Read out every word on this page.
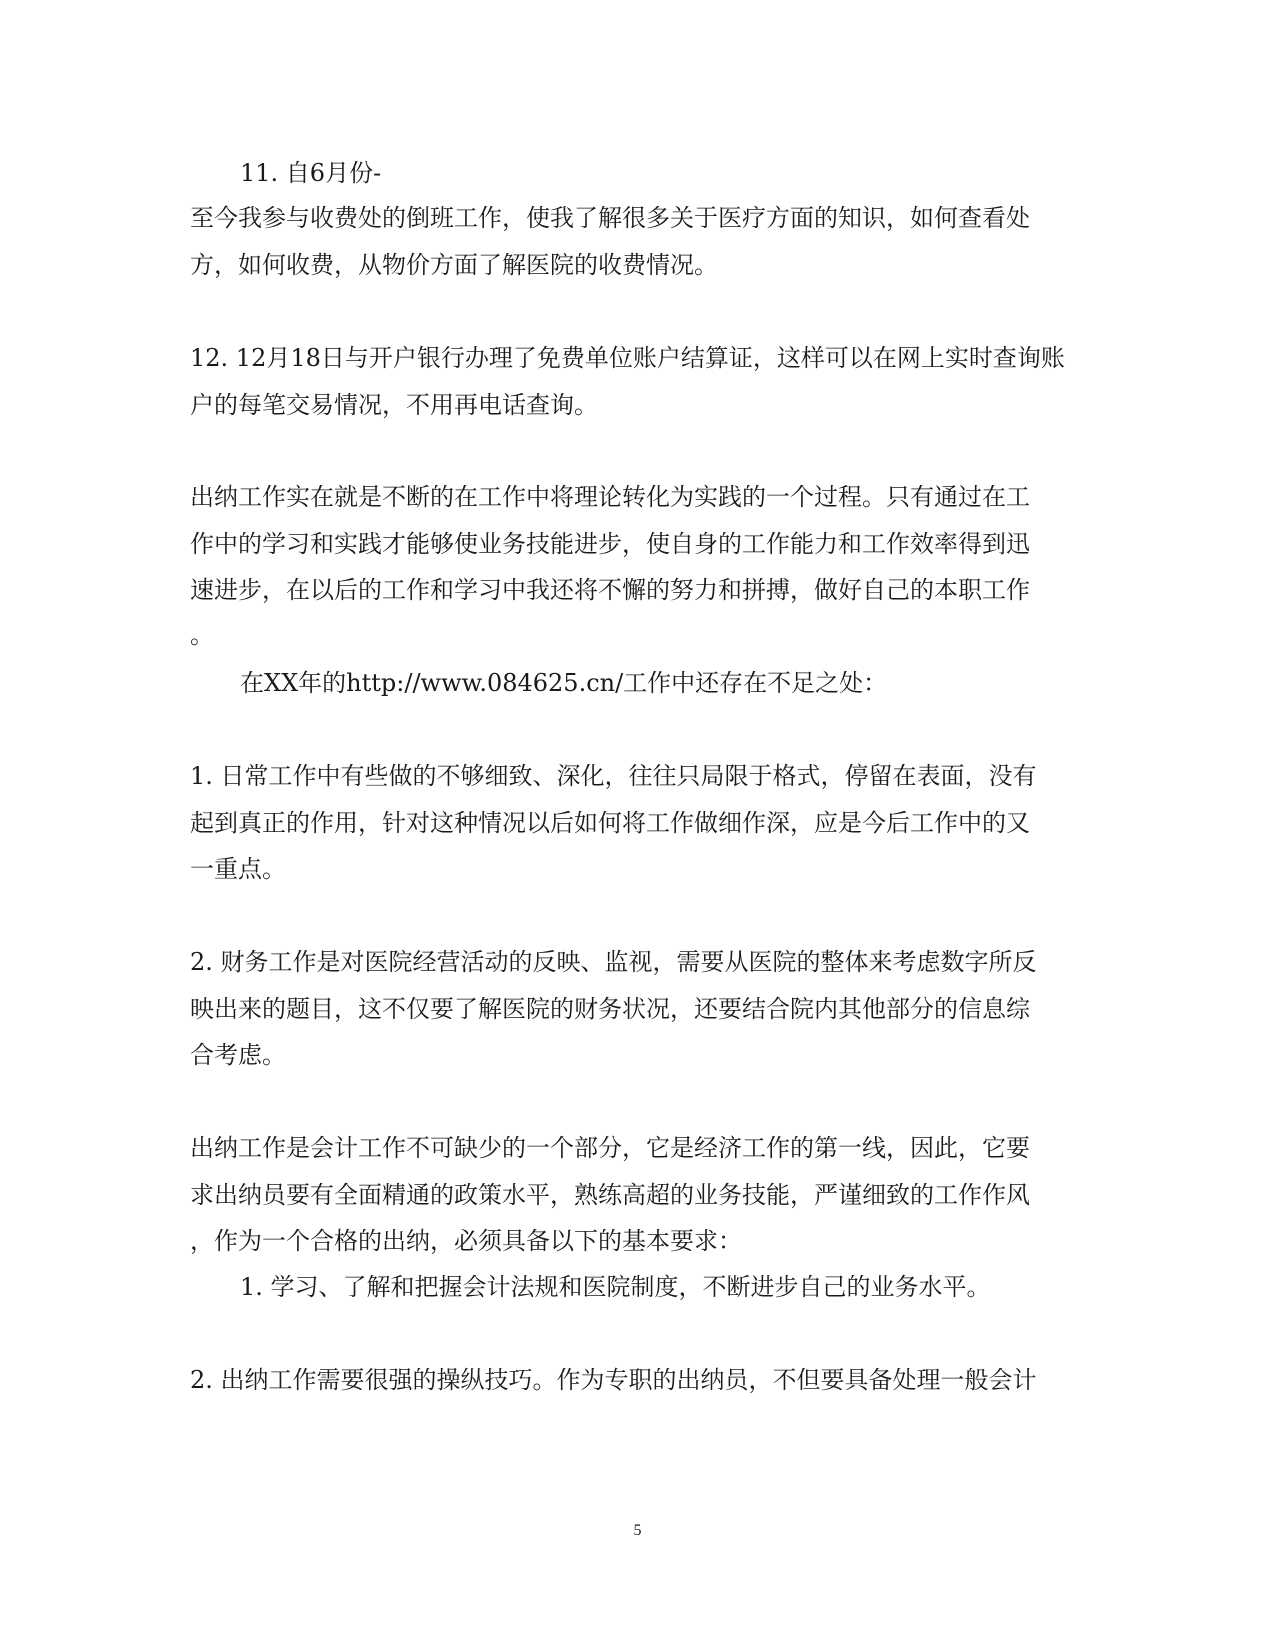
11. 自6月份-
至今我参与收费处的倒班工作，使我了解很多关于医疗方面的知识，如何查看处
方，如何收费，从物价方面了解医院的收费情况。
12. 12月18日与开户银行办理了免费单位账户结算证，这样可以在网上实时查询账
户的每笔交易情况，不用再电话查询。
出纳工作实在就是不断的在工作中将理论转化为实践的一个过程。只有通过在工
作中的学习和实践才能够使业务技能进步，使自身的工作能力和工作效率得到迅
速进步，在以后的工作和学习中我还将不懈的努力和拼搏，做好自己的本职工作
。
在XX年的http://www.084625.cn/工作中还存在不足之处：
1. 日常工作中有些做的不够细致、深化，往往只局限于格式，停留在表面，没有
起到真正的作用，针对这种情况以后如何将工作做细作深，应是今后工作中的又
一重点。
2. 财务工作是对医院经营活动的反映、监视，需要从医院的整体来考虑数字所反
映出来的题目，这不仅要了解医院的财务状况，还要结合院内其他部分的信息综
合考虑。
出纳工作是会计工作不可缺少的一个部分，它是经济工作的第一线，因此，它要
求出纳员要有全面精通的政策水平，熟练高超的业务技能，严谨细致的工作作风
，作为一个合格的出纳，必须具备以下的基本要求：
1. 学习、了解和把握会计法规和医院制度，不断进步自己的业务水平。
2. 出纳工作需要很强的操纵技巧。作为专职的出纳员，不但要具备处理一般会计
5
